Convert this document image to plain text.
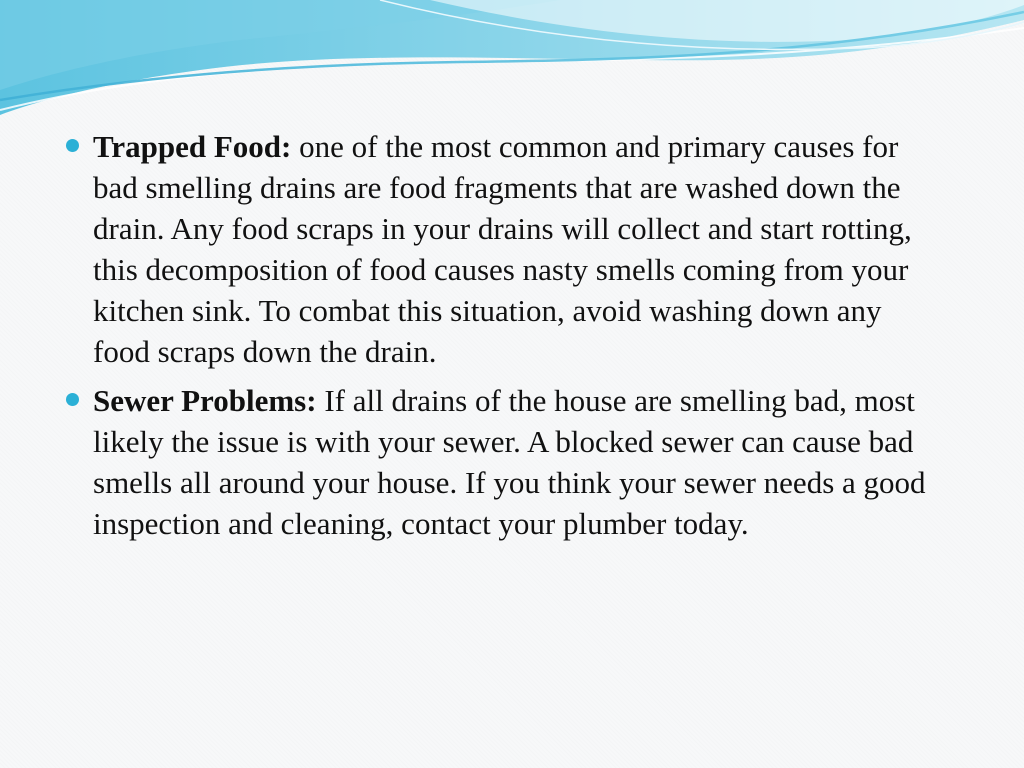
Trapped Food: one of the most common and primary causes for bad smelling drains are food fragments that are washed down the drain. Any food scraps in your drains will collect and start rotting, this decomposition of food causes nasty smells coming from your kitchen sink. To combat this situation, avoid washing down any food scraps down the drain.
Sewer Problems: If all drains of the house are smelling bad, most likely the issue is with your sewer. A blocked sewer can cause bad smells all around your house. If you think your sewer needs a good inspection and cleaning, contact your plumber today.
